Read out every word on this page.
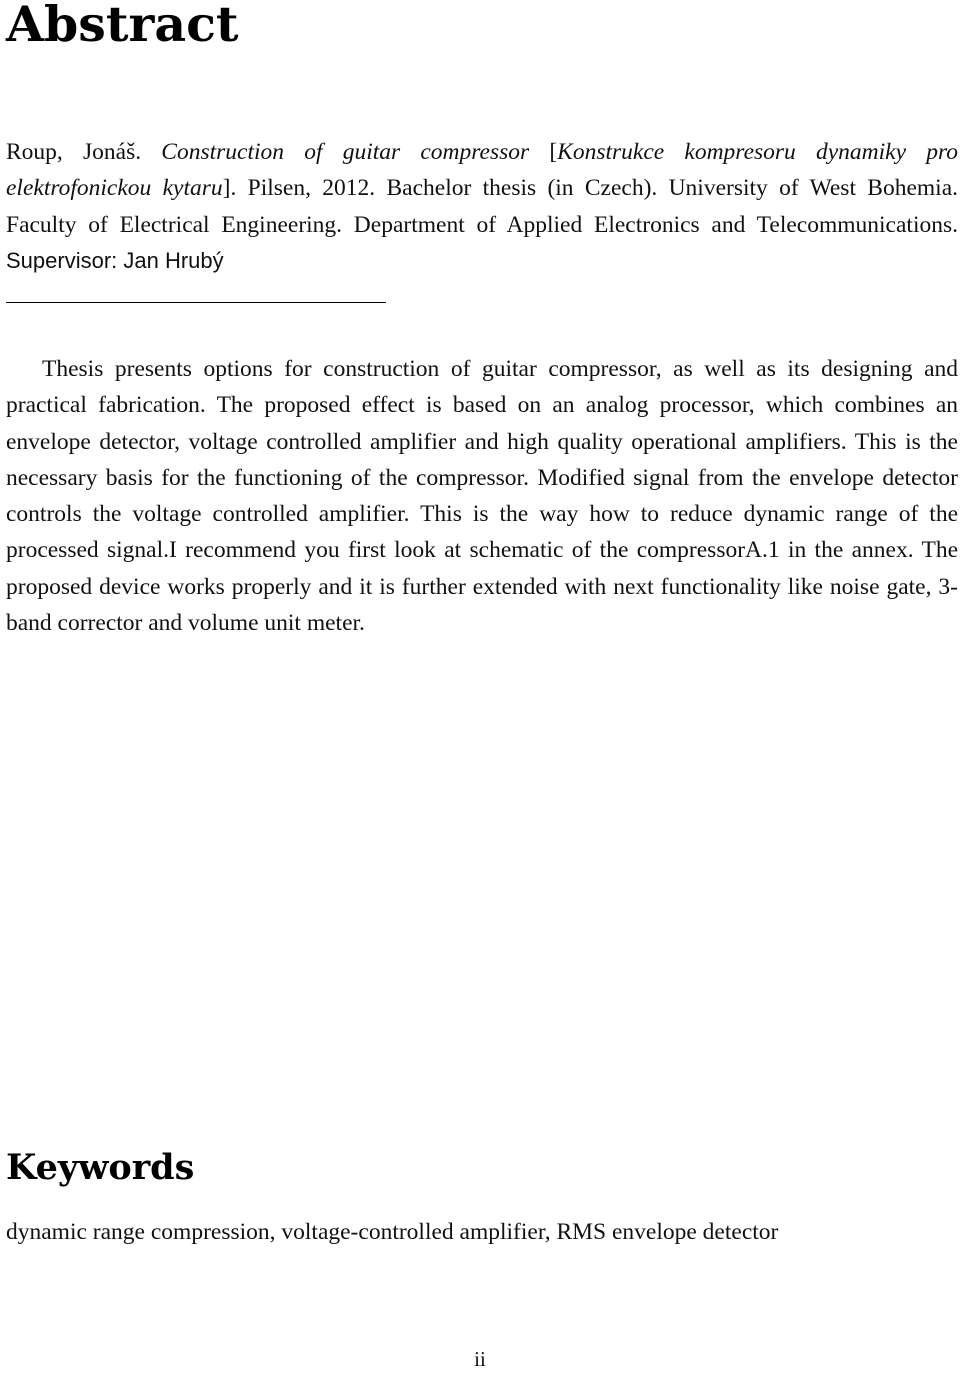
Abstract

Roup, Jonáš. Construction of guitar compressor [Konstrukce kompresoru dynamiky pro elektrofonickou kytaru]. Pilsen, 2012. Bachelor thesis (in Czech). University of West Bohemia. Faculty of Electrical Engineering. Department of Applied Electronics and Telecommunications. Supervisor: Jan Hrubý

Thesis presents options for construction of guitar compressor, as well as its designing and practical fabrication. The proposed effect is based on an analog processor, which combines an envelope detector, voltage controlled amplifier and high quality operational amplifiers. This is the necessary basis for the functioning of the compressor. Modified signal from the envelope detector controls the voltage controlled amplifier. This is the way how to reduce dynamic range of the processed signal.I recommend you first look at schematic of the compressorA.1 in the annex. The proposed device works properly and it is further extended with next functionality like noise gate, 3-band corrector and volume unit meter.

Keywords

dynamic range compression, voltage-controlled amplifier, RMS envelope detector

ii
